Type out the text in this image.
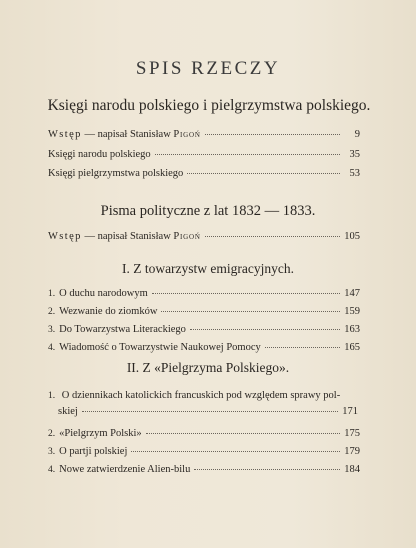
SPIS RZECZY
Księgi narodu polskiego i pielgrzymstwa polskiego.
Wstęp — napisał Stanisław Pigoń	9
Księgi narodu polskiego	35
Księgi pielgrzymstwa polskiego	53
Pisma polityczne z lat 1832 — 1833.
Wstęp — napisał Stanisław Pigoń	105
I. Z towarzystw emigracyjnych.
1. O duchu narodowym	147
2. Wezwanie do ziomków	159
3. Do Towarzystwa Literackiego	163
4. Wiadomość o Towarzystwie Naukowej Pomocy	165
II. Z «Pielgrzyma Polskiego».
1. O dziennikach katolickich francuskich pod względem sprawy pol-
skiej	171
2. «Pielgrzym Polski»	175
3. O partji polskiej	179
4. Nowe zatwierdzenie Alien-bilu	184
